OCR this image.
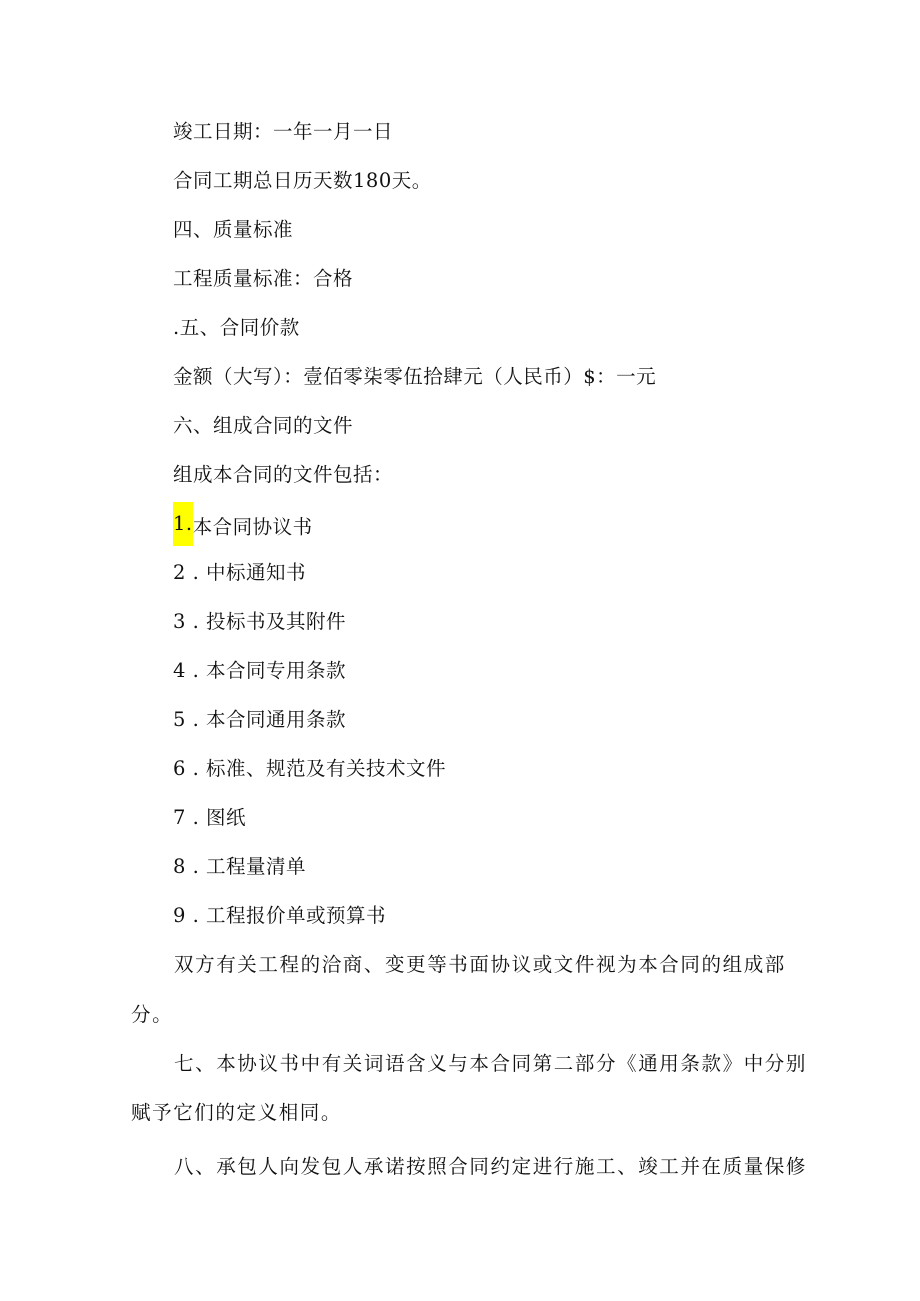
竣工日期：一年一月一日
合同工期总日历天数180天。
四、质量标准
工程质量标准：合格
.五、合同价款
金额（大写）：壹佰零柒零伍拾肆元（人民币）$：一元
六、组成合同的文件
组成本合同的文件包括：
1.本合同协议书
2 . 中标通知书
3 . 投标书及其附件
4 . 本合同专用条款
5 . 本合同通用条款
6 . 标准、规范及有关技术文件
7 . 图纸
8 . 工程量清单
9 . 工程报价单或预算书
双方有关工程的洽商、变更等书面协议或文件视为本合同的组成部
分。
七、本协议书中有关词语含义与本合同第二部分《通用条款》中分别
赋予它们的定义相同。
八、承包人向发包人承诺按照合同约定进行施工、竣工并在质量保修
